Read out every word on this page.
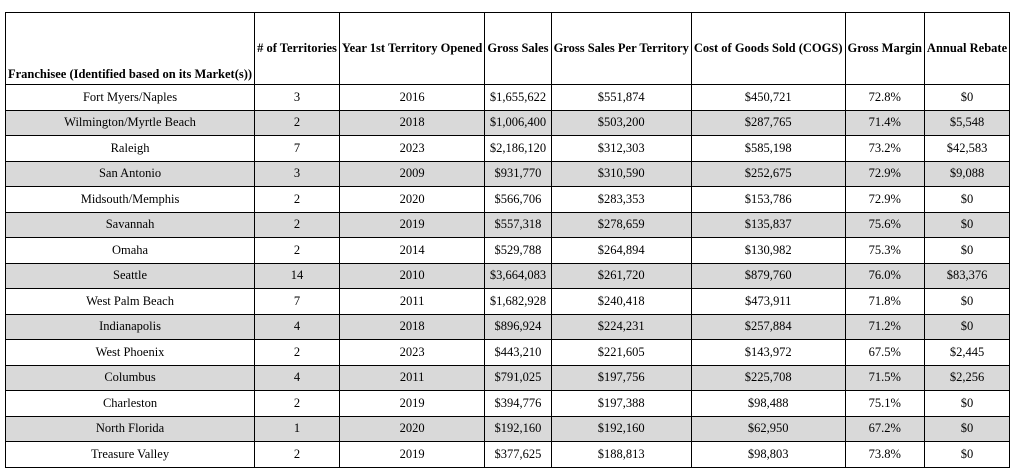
Franchisee (Identified based on its Market(s))	# of Territories	Year 1st Territory Opened	Gross Sales	Gross Sales Per Territory	Cost of Goods Sold (COGS)	Gross Margin	Annual Rebate
Fort Myers/Naples	3	2016	$1,655,622	$551,874	$450,721	72.8%	$0
Wilmington/Myrtle Beach	2	2018	$1,006,400	$503,200	$287,765	71.4%	$5,548
Raleigh	7	2023	$2,186,120	$312,303	$585,198	73.2%	$42,583
San Antonio	3	2009	$931,770	$310,590	$252,675	72.9%	$9,088
Midsouth/Memphis	2	2020	$566,706	$283,353	$153,786	72.9%	$0
Savannah	2	2019	$557,318	$278,659	$135,837	75.6%	$0
Omaha	2	2014	$529,788	$264,894	$130,982	75.3%	$0
Seattle	14	2010	$3,664,083	$261,720	$879,760	76.0%	$83,376
West Palm Beach	7	2011	$1,682,928	$240,418	$473,911	71.8%	$0
Indianapolis	4	2018	$896,924	$224,231	$257,884	71.2%	$0
West Phoenix	2	2023	$443,210	$221,605	$143,972	67.5%	$2,445
Columbus	4	2011	$791,025	$197,756	$225,708	71.5%	$2,256
Charleston	2	2019	$394,776	$197,388	$98,488	75.1%	$0
North Florida	1	2020	$192,160	$192,160	$62,950	67.2%	$0
Treasure Valley	2	2019	$377,625	$188,813	$98,803	73.8%	$0
